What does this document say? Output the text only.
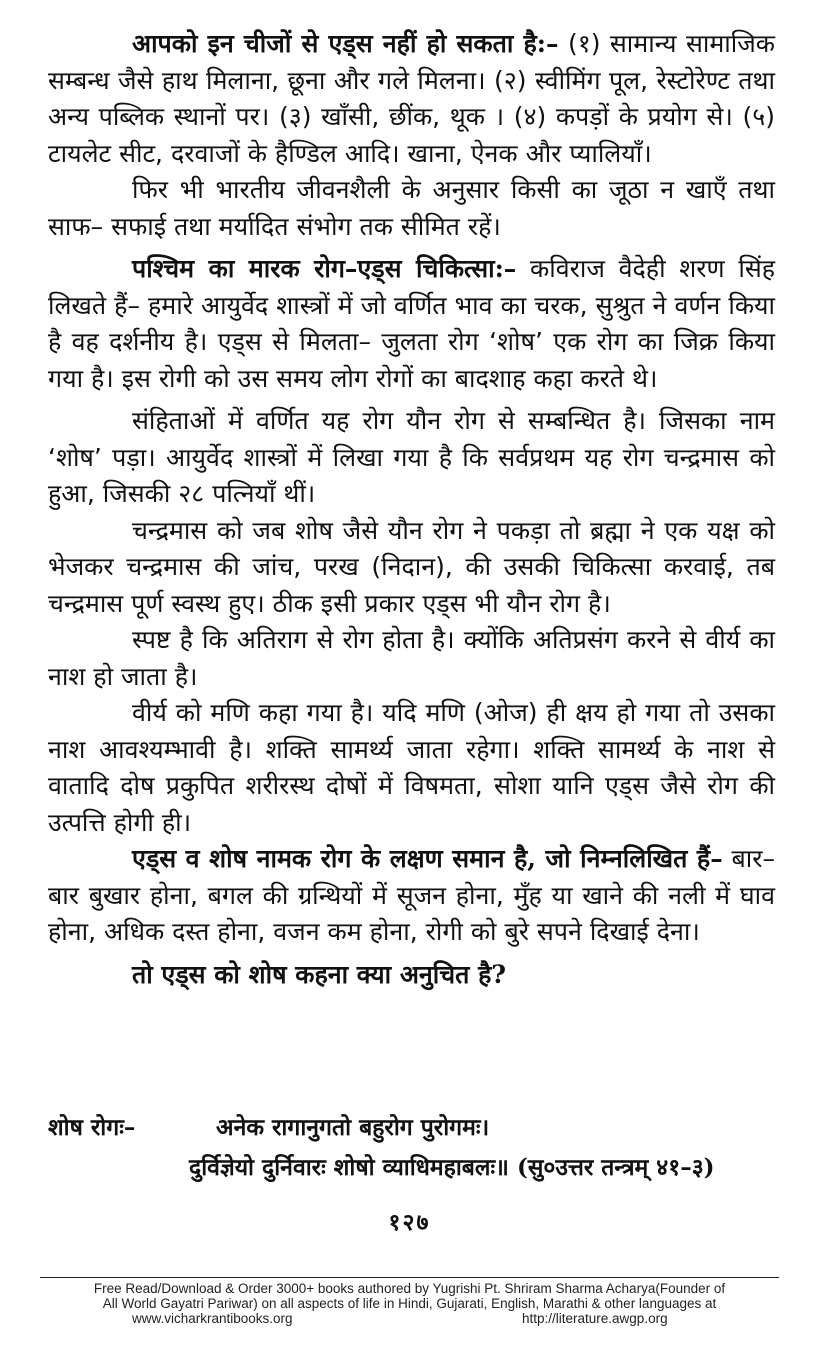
आपको इन चीजों से एड्स नहीं हो सकता है:– (१) सामान्य सामाजिक सम्बन्ध जैसे हाथ मिलाना, छूना और गले मिलना। (२) स्वीमिंग पूल, रेस्टोरेण्ट तथा अन्य पब्लिक स्थानों पर। (३) खाँसी, छींक, थूक । (४) कपड़ों के प्रयोग से। (५) टायलेट सीट, दरवाजों के हैण्डिल आदि। खाना, ऐनक और प्यालियाँ।

फिर भी भारतीय जीवनशैली के अनुसार किसी का जूठा न खाएँ तथा साफ– सफाई तथा मर्यादित संभोग तक सीमित रहें।

पश्चिम का मारक रोग–एड्स चिकित्सा:– कविराज वैदेही शरण सिंह लिखते हैं– हमारे आयुर्वेद शास्त्रों में जो वर्णित भाव का चरक, सुश्रुत ने वर्णन किया है वह दर्शनीय है। एड्स से मिलता– जुलता रोग ‘शोष’ एक रोग का जिक्र किया गया है। इस रोगी को उस समय लोग रोगों का बादशाह कहा करते थे।

संहिताओं में वर्णित यह रोग यौन रोग से सम्बन्धित है। जिसका नाम ‘शोष’ पड़ा। आयुर्वेद शास्त्रों में लिखा गया है कि सर्वप्रथम यह रोग चन्द्रमास को हुआ, जिसकी २८ पत्नियाँ थीं।

चन्द्रमास को जब शोष जैसे यौन रोग ने पकड़ा तो ब्रह्मा ने एक यक्ष को भेजकर चन्द्रमास की जांच, परख (निदान), की उसकी चिकित्सा करवाई, तब चन्द्रमास पूर्ण स्वस्थ हुए। ठीक इसी प्रकार एड्स भी यौन रोग है।

स्पष्ट है कि अतिराग से रोग होता है। क्योंकि अतिप्रसंग करने से वीर्य का नाश हो जाता है।

वीर्य को मणि कहा गया है। यदि मणि (ओज) ही क्षय हो गया तो उसका नाश आवश्यम्भावी है। शक्ति सामर्थ्य जाता रहेगा। शक्ति सामर्थ्य के नाश से वातादि दोष प्रकुपित शरीरस्थ दोषों में विषमता, सोशा यानि एड्स जैसे रोग की उत्पत्ति होगी ही।

एड्स व शोष नामक रोग के लक्षण समान है, जो निम्नलिखित हैं– बार– बार बुखार होना, बगल की ग्रन्थियों में सूजन होना, मुँह या खाने की नली में घाव होना, अधिक दस्त होना, वजन कम होना, रोगी को बुरे सपने दिखाई देना।

तो एड्स को शोष कहना क्या अनुचित है?

शोष रोगः–	अनेक रागानुगतो बहुरोग पुरोगमः।
दुर्विज्ञेयो दुर्निवारः शोषो व्याधिमहाबलः॥ (सु०उत्तर तन्त्रम् ४१–३)
१२७
Free Read/Download & Order 3000+ books authored by Yugrishi Pt. Shriram Sharma Acharya(Founder of
All World Gayatri Pariwar) on all aspects of life in Hindi, Gujarati, English, Marathi & other languages at
www.vicharkrantibooks.org	http://literature.awgp.org
